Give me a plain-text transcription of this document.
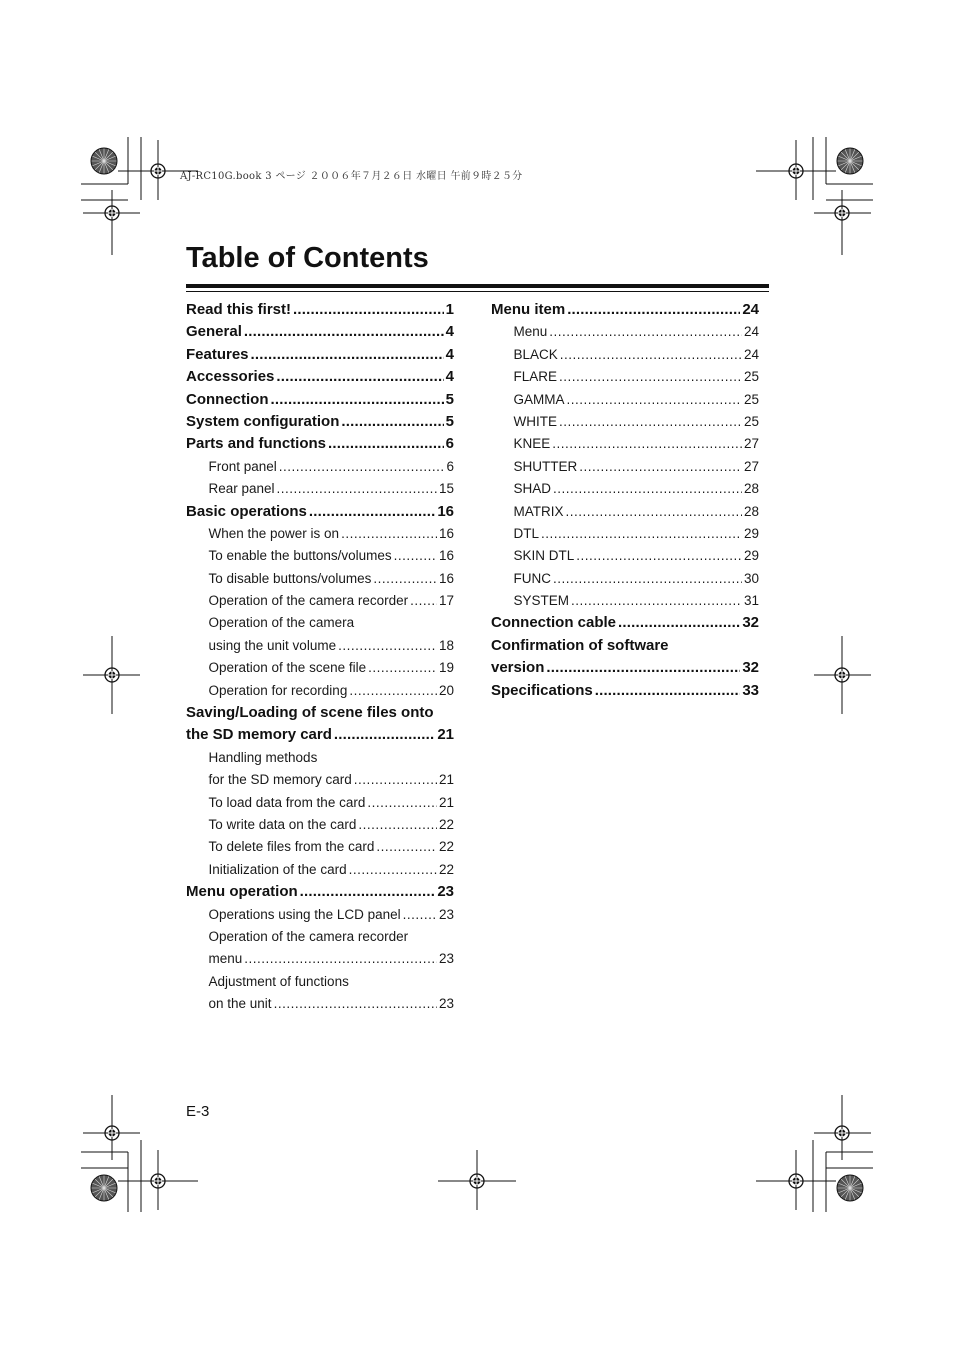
AJ-RC10G.book 3 ページ ２００６年７月２６日 水曜日 午前９時２５分
Table of Contents
Read this first! .....	1
General .....	4
Features .....	4
Accessories .....	4
Connection .....	5
System configuration .....	5
Parts and functions .....	6
Front panel .....	6
Rear panel .....	15
Basic operations .....	16
When the power is on .....	16
To enable the buttons/volumes .....	16
To disable buttons/volumes .....	16
Operation of the camera recorder ..... 17
Operation of the camera
using the unit volume .....	18
Operation of the scene file .....	19
Operation for recording .....	20
Saving/Loading of scene files onto
the SD memory card .....	21
Handling methods
for the SD memory card .....	21
To load data from the card .....	21
To write data on the card .....	22
To delete files from the card .....	22
Initialization of the card .....	22
Menu operation .....	23
Operations using the LCD panel .....	23
Operation of the camera recorder
menu .....	23
Adjustment of functions
on the unit .....	23
Menu item .....	24
Menu .....	24
BLACK .....	24
FLARE .....	25
GAMMA .....	25
WHITE .....	25
KNEE .....	27
SHUTTER .....	27
SHAD .....	28
MATRIX .....	28
DTL .....	29
SKIN DTL .....	29
FUNC .....	30
SYSTEM .....	31
Connection cable .....	32
Confirmation of software
version .....	32
Specifications .....	33
E-3
